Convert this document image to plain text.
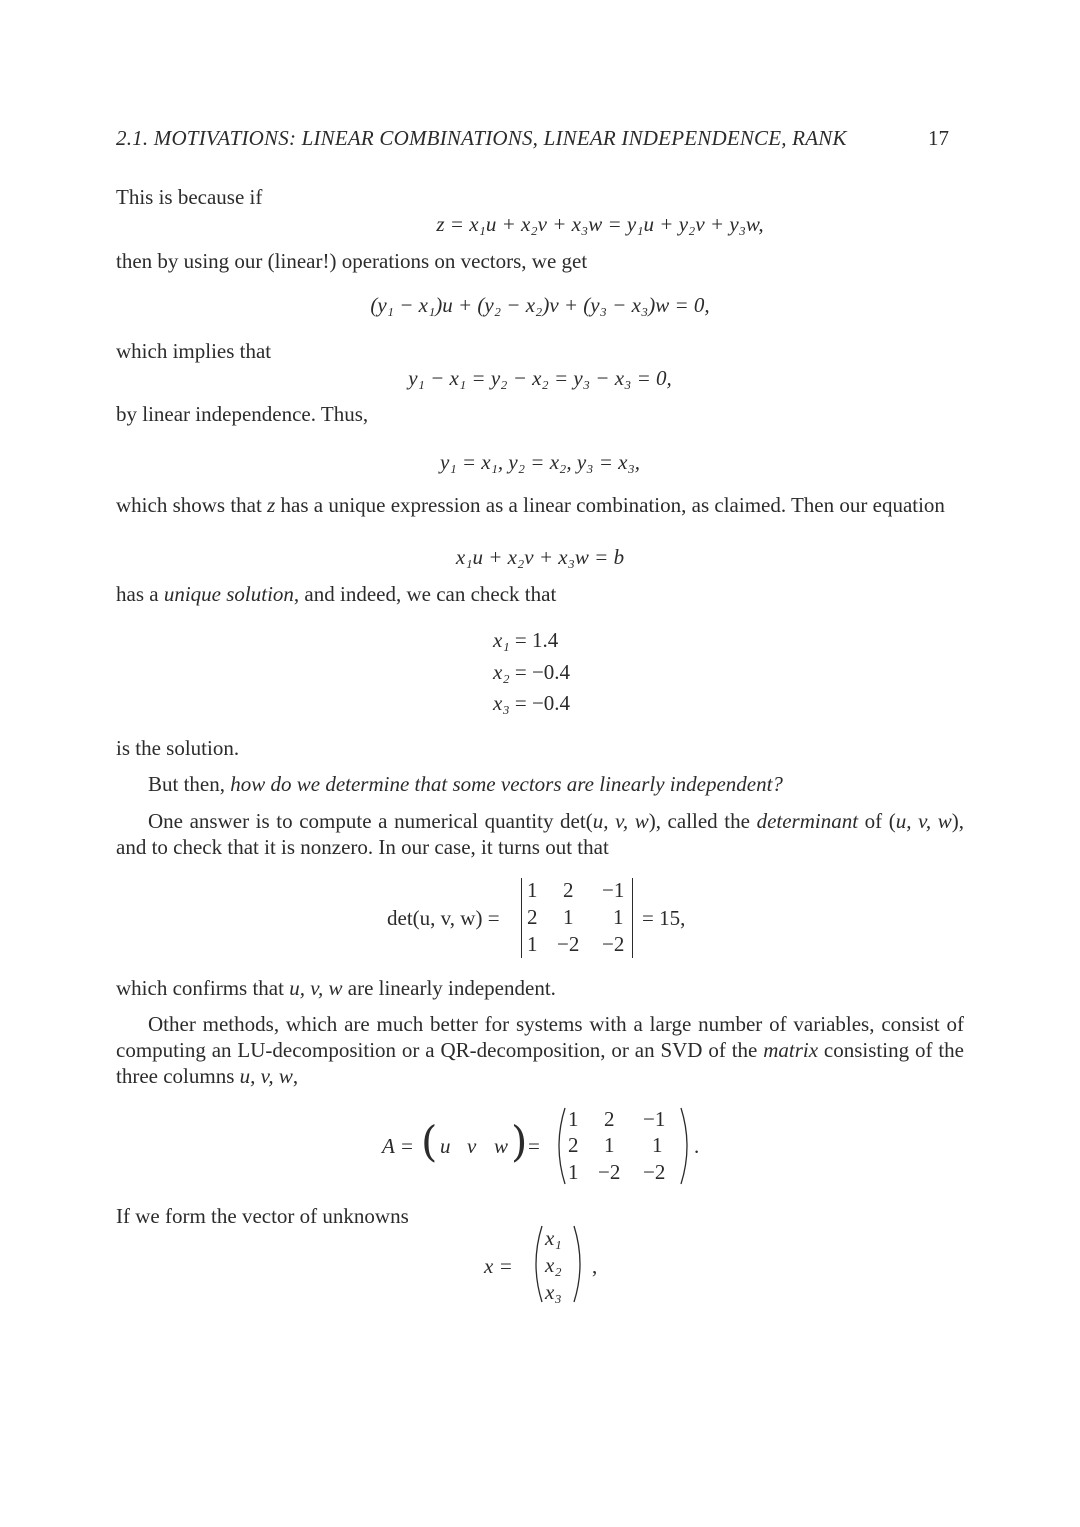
2.1. MOTIVATIONS: LINEAR COMBINATIONS, LINEAR INDEPENDENCE, RANK	17
This is because if
z = x₁u + x₂v + x₃w = y₁u + y₂v + y₃w,
then by using our (linear!) operations on vectors, we get
(y₁ − x₁)u + (y₂ − x₂)v + (y₃ − x₃)w = 0,
which implies that
y₁ − x₁ = y₂ − x₂ = y₃ − x₃ = 0,
by linear independence. Thus,
y₁ = x₁, y₂ = x₂, y₃ = x₃,
which shows that z has a unique expression as a linear combination, as claimed. Then our equation
x₁u + x₂v + x₃w = b
has a unique solution, and indeed, we can check that
x₁ = 1.4
x₂ = −0.4
x₃ = −0.4
is the solution.
But then, how do we determine that some vectors are linearly independent?
One answer is to compute a numerical quantity det(u, v, w), called the determinant of (u, v, w), and to check that it is nonzero. In our case, it turns out that
det(u, v, w) =
1 2 −1
2 1 1
1 −2 −2
= 15,
which confirms that u, v, w are linearly independent.
Other methods, which are much better for systems with a large number of variables, consist of computing an LU-decomposition or a QR-decomposition, or an SVD of the matrix consisting of the three columns u, v, w,
A = ( u v w ) =
1 2 −1
2 1 1
1 −2 −2
.
If we form the vector of unknowns
x =
x₁
x₂
x₃
,
